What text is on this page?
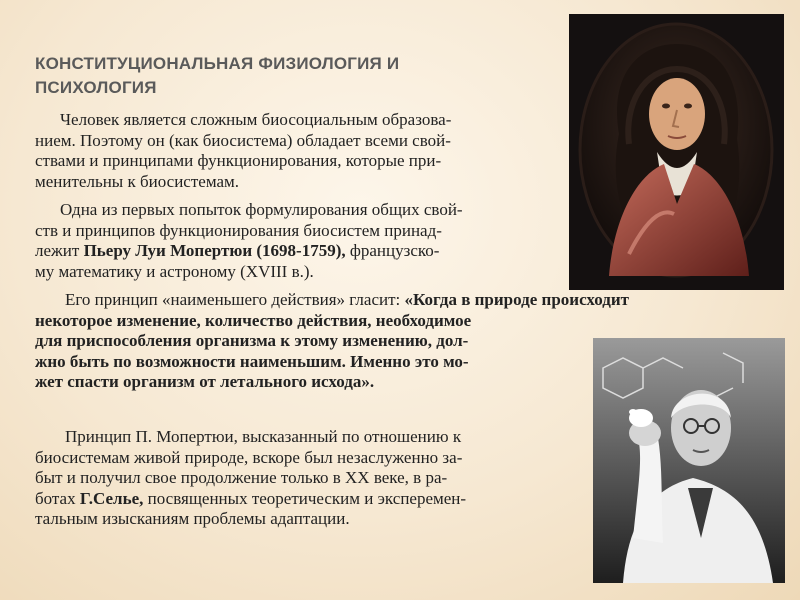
КОНСТИТУЦИОНАЛЬНАЯ ФИЗИОЛОГИЯ И
ПСИХОЛОГИЯ
Человек является сложным биосоциальным образова-
нием. Поэтому он (как биосистема) обладает всеми свой-
ствами и принципами функционирования, которые при-
менительны к биосистемам.
Одна из первых попыток формулирования общих свой-
ств и принципов функционирования биосистем принад-
лежит Пьеру Луи Мопертюи (1698-1759), французско-
му математику и астроному (XVIII в.).
Его принцип «наименьшего действия» гласит: «Когда в природе происходит
некоторое изменение, количество действия, необходимое
для приспособления организма к этому изменению, дол-
жно быть по возможности наименьшим. Именно это мо-
жет спасти организм от летального исхода».
Принцип П. Мопертюи, высказанный по отношению к
биосистемам живой природе, вскоре был незаслуженно за-
быт и получил свое продолжение только в ХХ веке, в ра-
ботах Г.Селье, посвященных теоретическим и эксперемен-
тальным изысканиям проблемы адаптации.
